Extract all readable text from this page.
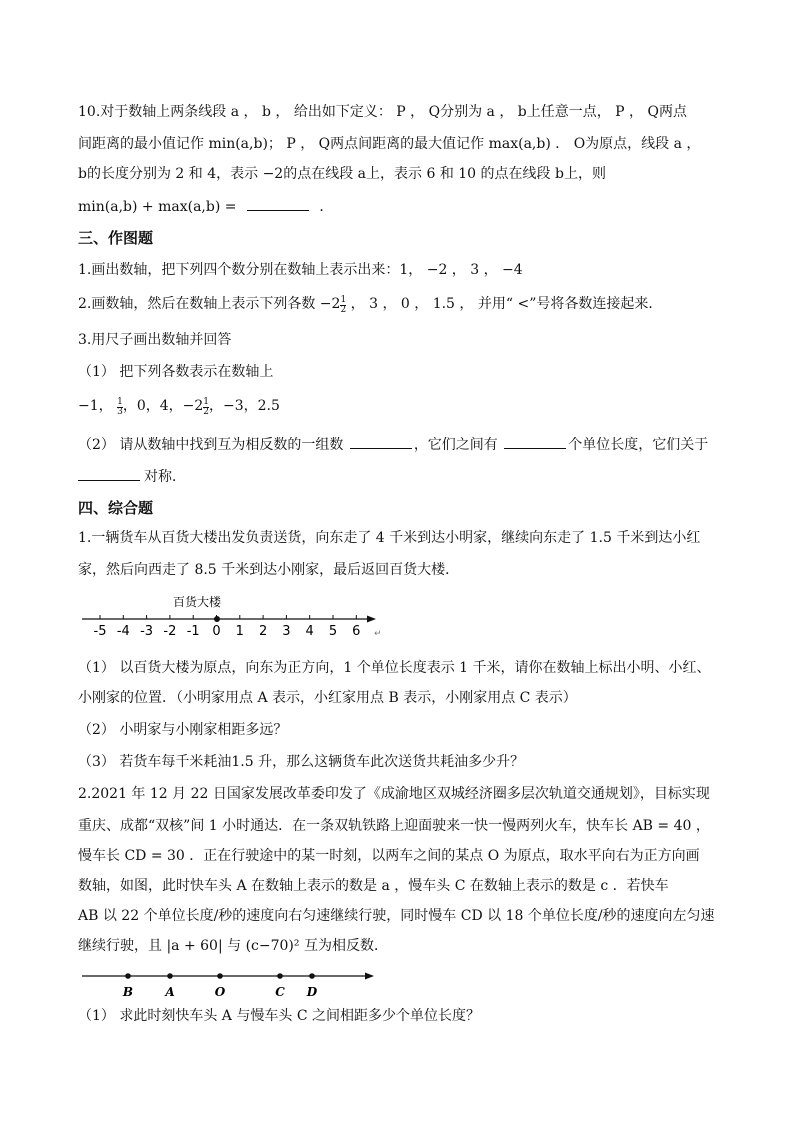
10.对于数轴上两条线段 a ， b ， 给出如下定义： P ， Q分别为 a ， b上任意一点， P ， Q两点
间距离的最小值记作 min(a,b)； P ， Q两点间距离的最大值记作 max(a,b) ． O为原点，线段 a ，
b的长度分别为 2 和 4，表示 −2的点在线段 a上，表示 6 和 10 的点在线段 b上，则
min(a,b) + max(a,b) =	．
三、作图题
1.画出数轴，把下列四个数分别在数轴上表示出来：1， −2 ， 3 ， −4
2.画数轴，然后在数轴上表示下列各数 $-2 \frac{1}{2}$ ， 3 ， 0 ， 1.5 ， 并用“ <”号将各数连接起来．
3.用尺子画出数轴并回答
（1） 把下列各数表示在数轴上
−1， $\frac{1}{3}$ ，0，4，$-2 \frac{1}{2}$ ，−3，2.5
（2） 请从数轴中找到互为相反数的一组数	，它们之间有	个单位长度，它们关于
对称．
四、综合题
1.一辆货车从百货大楼出发负责送货，向东走了 4 千米到达小明家，继续向东走了 1.5 千米到达小红
家，然后向西走了 8.5 千米到达小刚家，最后返回百货大楼．
百货大楼
-5 -4 -3 -2 -1 0 1 2 3 4 5 6 ↵
（1） 以百货大楼为原点，向东为正方向，1 个单位长度表示 1 千米，请你在数轴上标出小明、小红、
小刚家的位置．（小明家用点 A 表示，小红家用点 B 表示，小刚家用点 C 表示）
（2） 小明家与小刚家相距多远？
（3） 若货车每千米耗油1.5 升，那么这辆货车此次送货共耗油多少升？
2.2021 年 12 月 22 日国家发展改革委印发了《成渝地区双城经济圈多层次轨道交通规划》，目标实现
重庆、成都“双核”间 1 小时通达．在一条双轨铁路上迎面驶来一快一慢两列火车，快车长 AB = 40 ，
慢车长 CD = 30 ．正在行驶途中的某一时刻，以两车之间的某点 O 为原点，取水平向右为正方向画
数轴，如图，此时快车头 A 在数轴上表示的数是 a ，慢车头 C 在数轴上表示的数是 c ．若快车
AB 以 22 个单位长度/秒的速度向右匀速继续行驶，同时慢车 CD 以 18 个单位长度/秒的速度向左匀速
继续行驶，且 |a + 60| 与 (c−70)² 互为相反数．
B	A	O	C D
（1） 求此时刻快车头 A 与慢车头 C 之间相距多少个单位长度？
